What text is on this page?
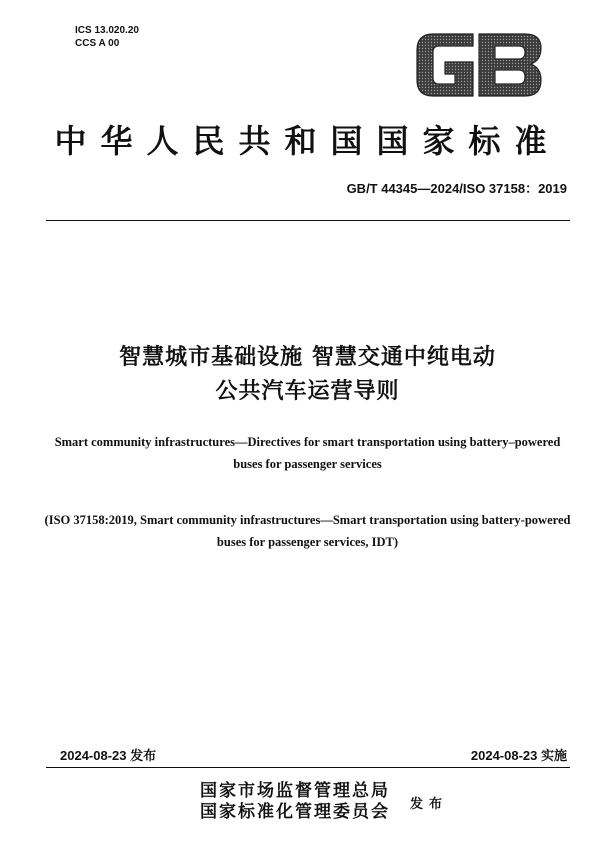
ICS 13.020.20
CCS A 00
中华人民共和国国家标准
GB/T 44345—2024/ISO 37158：2019
智慧城市基础设施 智慧交通中纯电动
公共汽车运营导则
Smart community infrastructures—Directives for smart transportation using battery–powered buses for passenger services
(ISO 37158:2019, Smart community infrastructures—Smart transportation using battery-powered buses for passenger services, IDT)
2024-08-23 发布	2024-08-23 实施
国家市场监督管理总局
国家标准化管理委员会 发布
